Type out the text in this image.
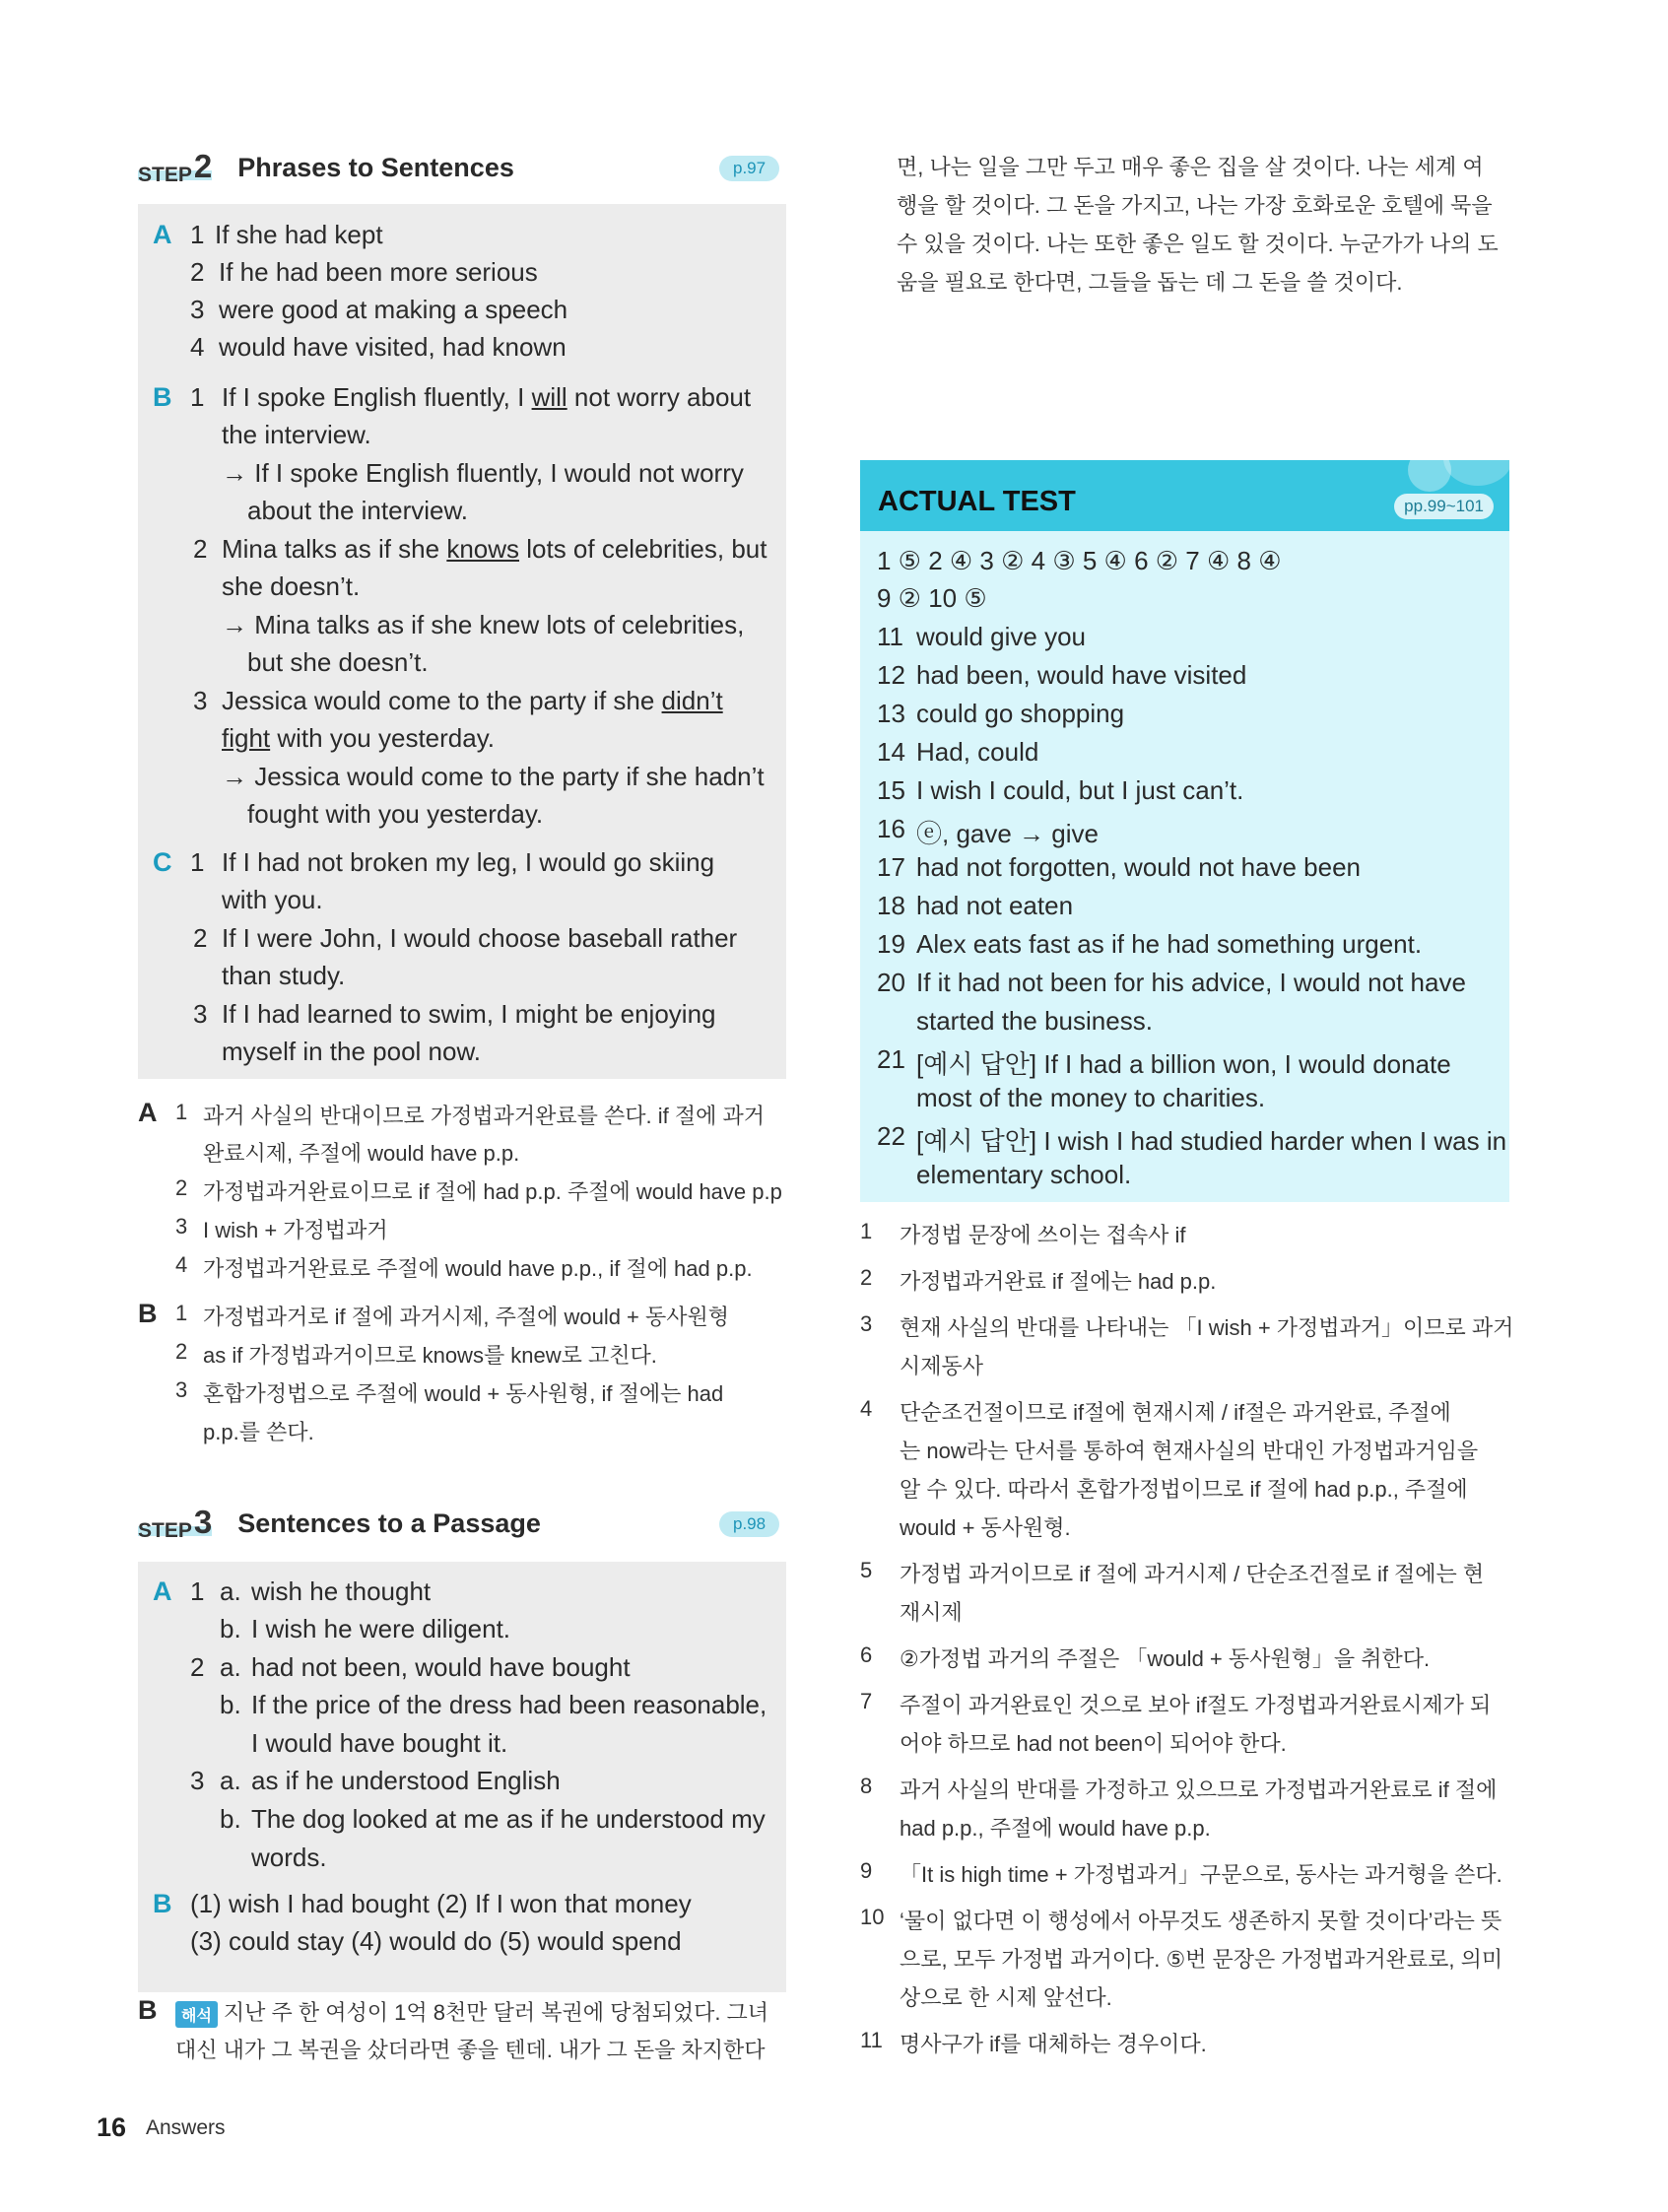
STEP 2 Phrases to Sentences	p.97
A 1 If she had kept
2 If he had been more serious
3 were good at making a speech
4 would have visited, had known
B 1 If I spoke English fluently, I will not worry about
the interview.
→ If I spoke English fluently, I would not worry
about the interview.
2 Mina talks as if she knows lots of celebrities, but
she doesn’t.
→ Mina talks as if she knew lots of celebrities,
but she doesn’t.
3 Jessica would come to the party if she didn’t
fight with you yesterday.
→ Jessica would come to the party if she hadn’t
fought with you yesterday.
C 1 If I had not broken my leg, I would go skiing
with you.
2 If I were John, I would choose baseball rather
than study.
3 If I had learned to swim, I might be enjoying
myself in the pool now.
A 1 과거 사실의 반대이므로 가정법과거완료를 쓴다. if 절에 과거
완료시제, 주절에 would have p.p.
2 가정법과거완료이므로 if 절에 had p.p. 주절에 would have p.p
3 I wish + 가정법과거
4 가정법과거완료로 주절에 would have p.p., if 절에 had p.p.
B 1 가정법과거로 if 절에 과거시제, 주절에 would + 동사원형
2 as if 가정법과거이므로 knows를 knew로 고친다.
3 혼합가정법으로 주절에 would + 동사원형, if 절에는 had
p.p.를 쓴다.
STEP 3 Sentences to a Passage	p.98
A 1 a. wish he thought
b. I wish he were diligent.
2 a. had not been, would have bought
b. If the price of the dress had been reasonable,
I would have bought it.
3 a. as if he understood English
b. The dog looked at me as if he understood my
words.
B (1) wish I had bought (2) If I won that money
(3) could stay (4) would do (5) would spend
B	해석 지난 주 한 여성이 1억 8천만 달러 복권에 당첨되었다. 그녀
대신 내가 그 복권을 샀더라면 좋을 텐데. 내가 그 돈을 차지한다
면, 나는 일을 그만 두고 매우 좋은 집을 살 것이다. 나는 세계 여
행을 할 것이다. 그 돈을 가지고, 나는 가장 호화로운 호텔에 묵을
수 있을 것이다. 나는 또한 좋은 일도 할 것이다. 누군가가 나의 도
움을 필요로 한다면, 그들을 돕는 데 그 돈을 쓸 것이다.
ACTUAL TEST	pp.99~101
1 ⑤ 2 ④ 3 ② 4 ③ 5 ④ 6 ② 7 ④ 8 ④
9 ② 10 ⑤
11 would give you
12 had been, would have visited
13 could go shopping
14 Had, could
15 I wish I could, but I just can’t.
16 ⓔ, gave → give
17 had not forgotten, would not have been
18 had not eaten
19 Alex eats fast as if he had something urgent.
20 If it had not been for his advice, I would not have
started the business.
21 [예시 답안] If I had a billion won, I would donate
most of the money to charities.
22 [예시 답안] I wish I had studied harder when I was in
elementary school.
1 가정법 문장에 쓰이는 접속사 if
2 가정법과거완료 if 절에는 had p.p.
3 현재 사실의 반대를 나타내는 「I wish + 가정법과거」이므로 과거
시제동사
4 단순조건절이므로 if절에 현재시제 / if절은 과거완료, 주절에
는 now라는 단서를 통하여 현재사실의 반대인 가정법과거임을
알 수 있다. 따라서 혼합가정법이므로 if 절에 had p.p., 주절에
would + 동사원형.
5 가정법 과거이므로 if 절에 과거시제 / 단순조건절로 if 절에는 현
재시제
6 ②가정법 과거의 주절은 「would + 동사원형」을 취한다.
7 주절이 과거완료인 것으로 보아 if절도 가정법과거완료시제가 되
어야 하므로 had not been이 되어야 한다.
8 과거 사실의 반대를 가정하고 있으므로 가정법과거완료로 if 절에
had p.p., 주절에 would have p.p.
9 「It is high time + 가정법과거」구문으로, 동사는 과거형을 쓴다.
10 ‘물이 없다면 이 행성에서 아무것도 생존하지 못할 것이다’라는 뜻
으로, 모두 가정법 과거이다. ⑤번 문장은 가정법과거완료로, 의미
상으로 한 시제 앞선다.
11 명사구가 if를 대체하는 경우이다.
16 Answers
